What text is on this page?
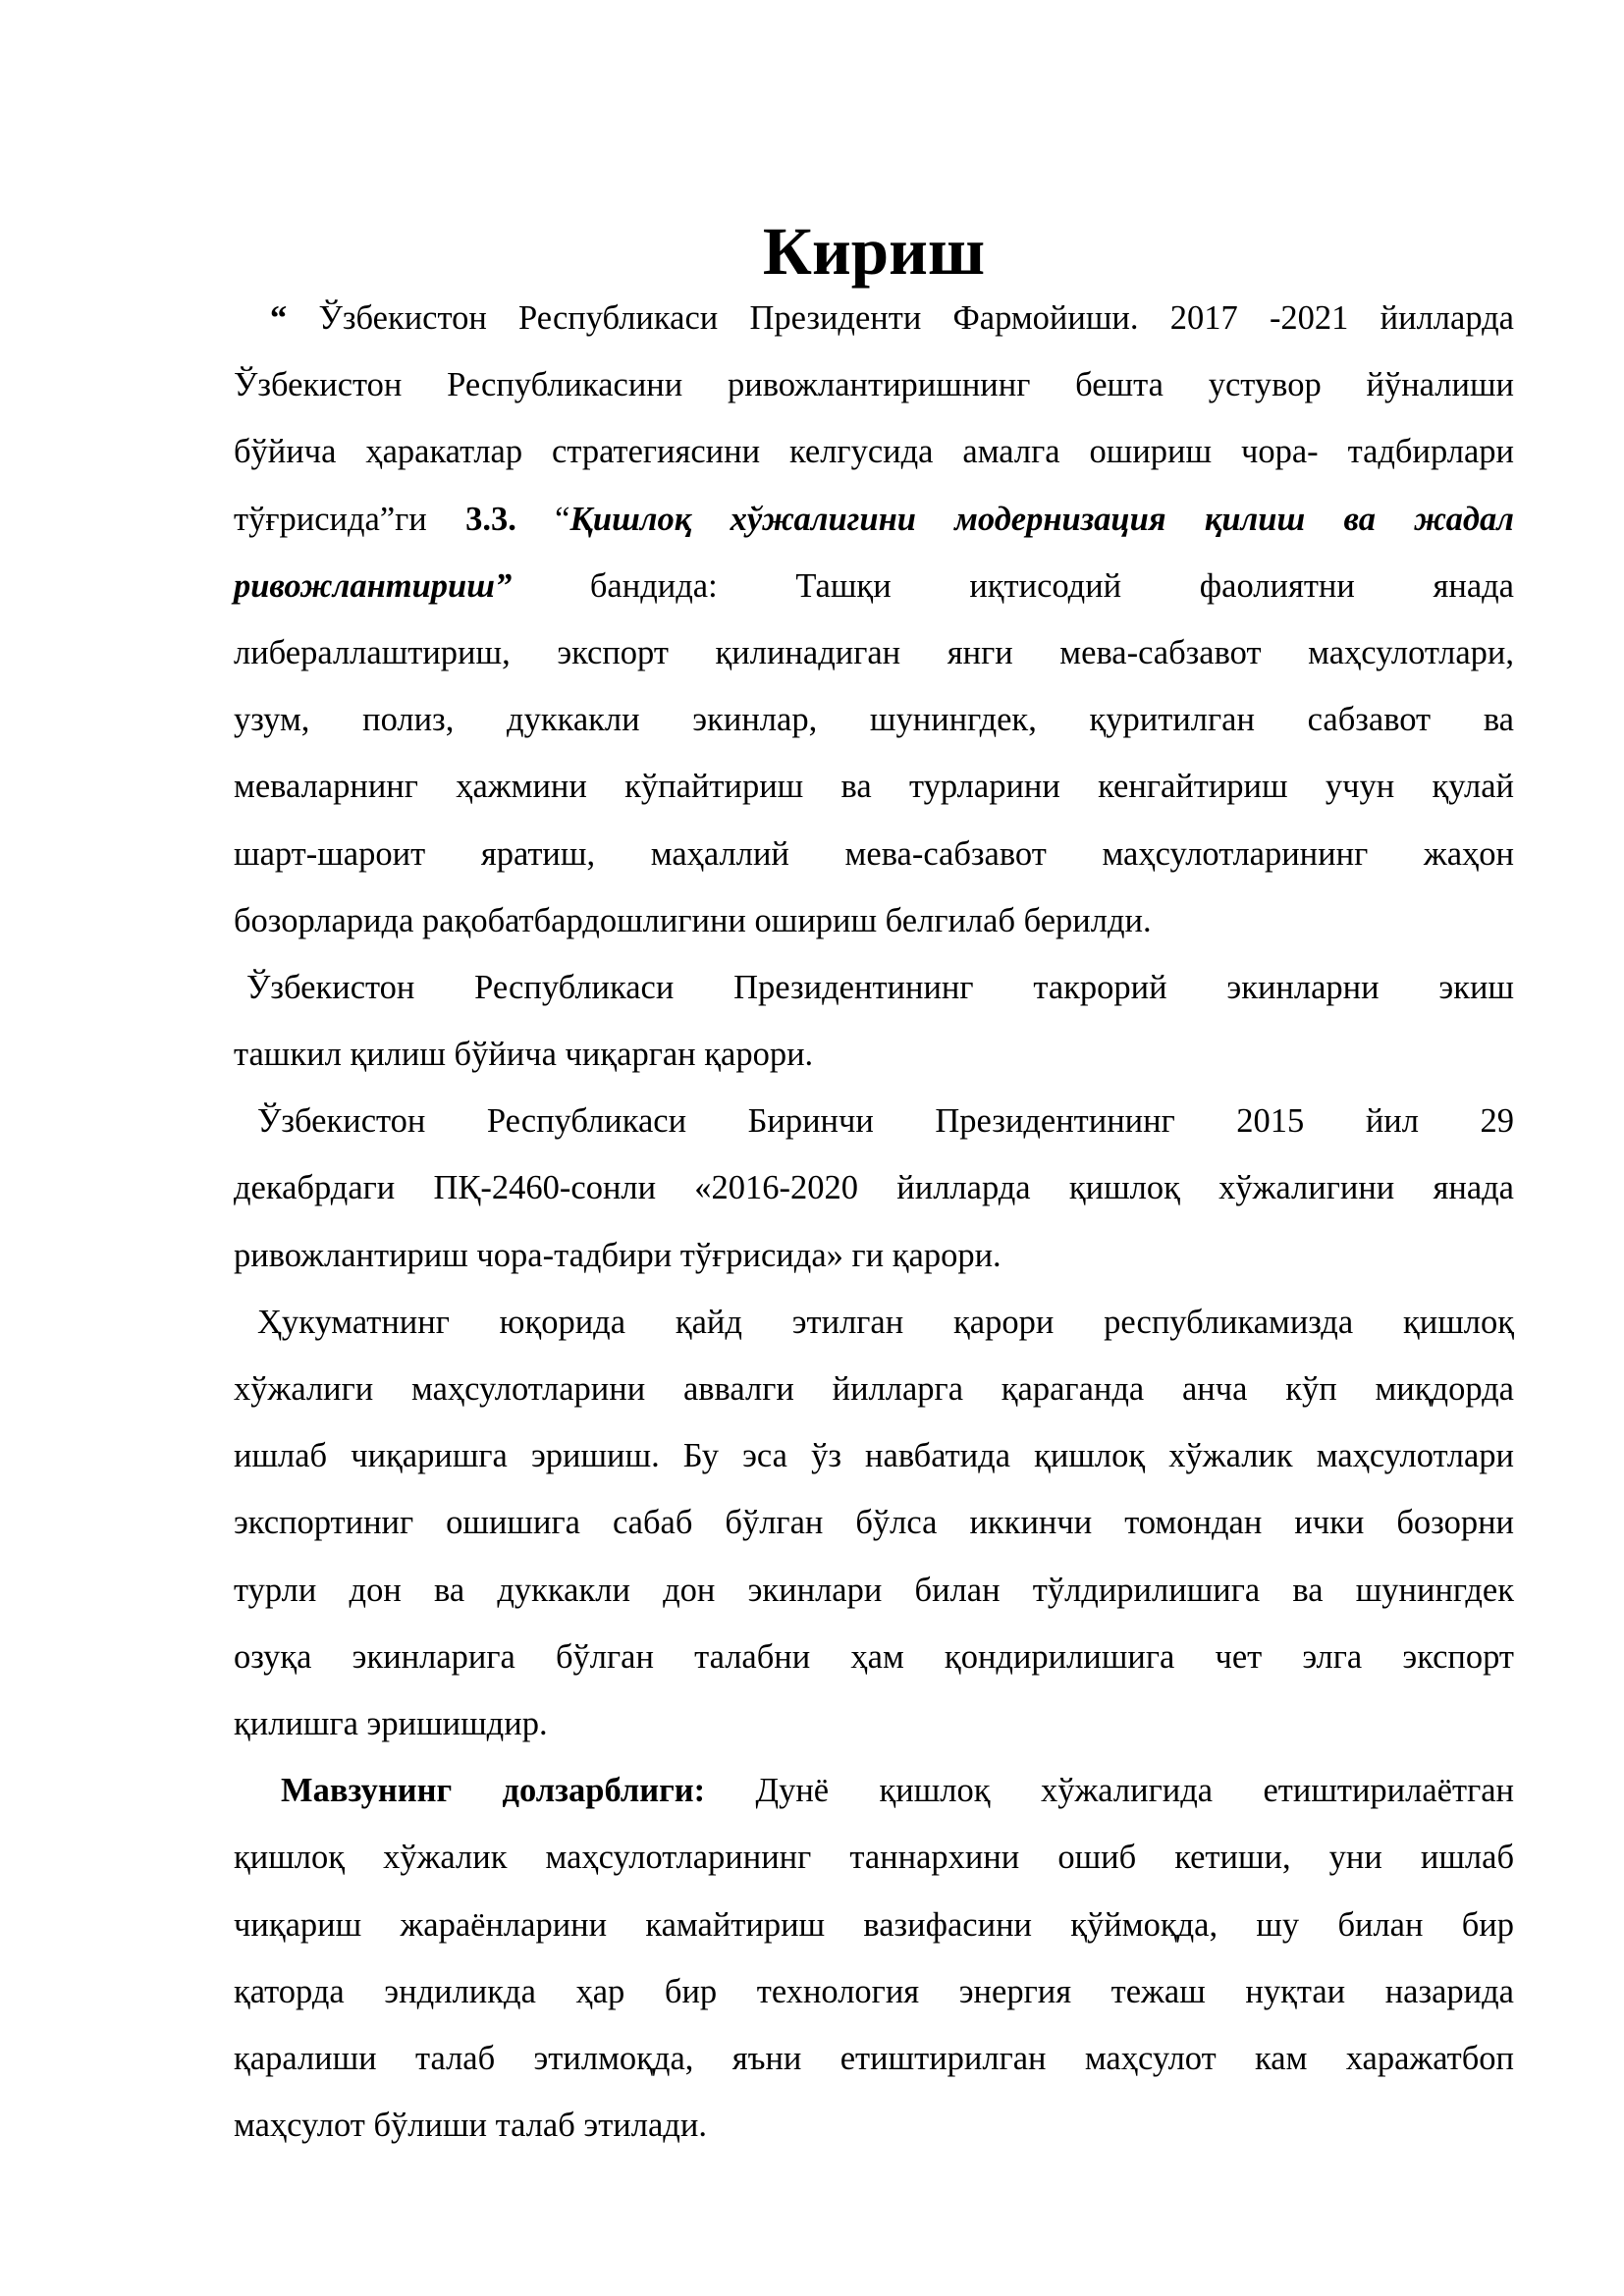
Кириш
“ Ўзбекистон Республикаси Президенти Фармойиши. 2017 -2021 йилларда
Ўзбекистон Республикасини ривожлантиришнинг бешта устувор йўналиши
бўйича ҳаракатлар стратегиясини келгусида амалга ошириш чора- тадбирлари
тўғрисида”ги 3.3. “Қишлоқ хўжалигини модернизация қилиш ва жадал
ривожлантириш” бандида: Ташқи иқтисодий фаолиятни янада
либераллаштириш, экспорт қилинадиган янги мева-сабзавот маҳсулотлари,
узум, полиз, дуккакли экинлар, шунингдек, қуритилган сабзавот ва
меваларнинг ҳажмини кўпайтириш ва турларини кенгайтириш учун қулай
шарт-шароит яратиш, маҳаллий мева-сабзавот маҳсулотларининг жаҳон
бозорларида рақобатбардошлигини ошириш белгилаб берилди.
Ўзбекистон Республикаси Президентининг такрорий экинларни экиш
ташкил қилиш бўйича чиқарган қарори.
Ўзбекистон Республикаси Биринчи Президентининг 2015 йил 29
декабрдаги ПҚ-2460-сонли «2016-2020 йилларда қишлоқ хўжалигини янада
ривожлантириш чора-тадбири тўғрисида» ги қарори.
Ҳукуматнинг юқорида қайд этилган қарори республикамизда қишлоқ
хўжалиги маҳсулотларини аввалги йилларга қараганда анча кўп миқдорда
ишлаб чиқаришга эришиш. Бу эса ўз навбатида қишлоқ хўжалик маҳсулотлари
экспортиниг ошишига сабаб бўлган бўлса иккинчи томондан ички бозорни
турли дон ва дуккакли дон экинлари билан тўлдирилишига ва шунингдек
озуқа экинларига бўлган талабни ҳам қондирилишига чет элга экспорт
қилишга эришишдир.
Мавзунинг долзарблиги: Дунё қишлоқ хўжалигида етиштирилаётган
қишлоқ хўжалик маҳсулотларининг таннархини ошиб кетиши, уни ишлаб
чиқариш жараёнларини камайтириш вазифасини қўймоқда, шу билан бир
қаторда эндиликда ҳар бир технология энергия тежаш нуқтаи назарида
қаралиши талаб этилмоқда, яъни етиштирилган маҳсулот кам харажатбоп
маҳсулот бўлиши талаб этилади.
